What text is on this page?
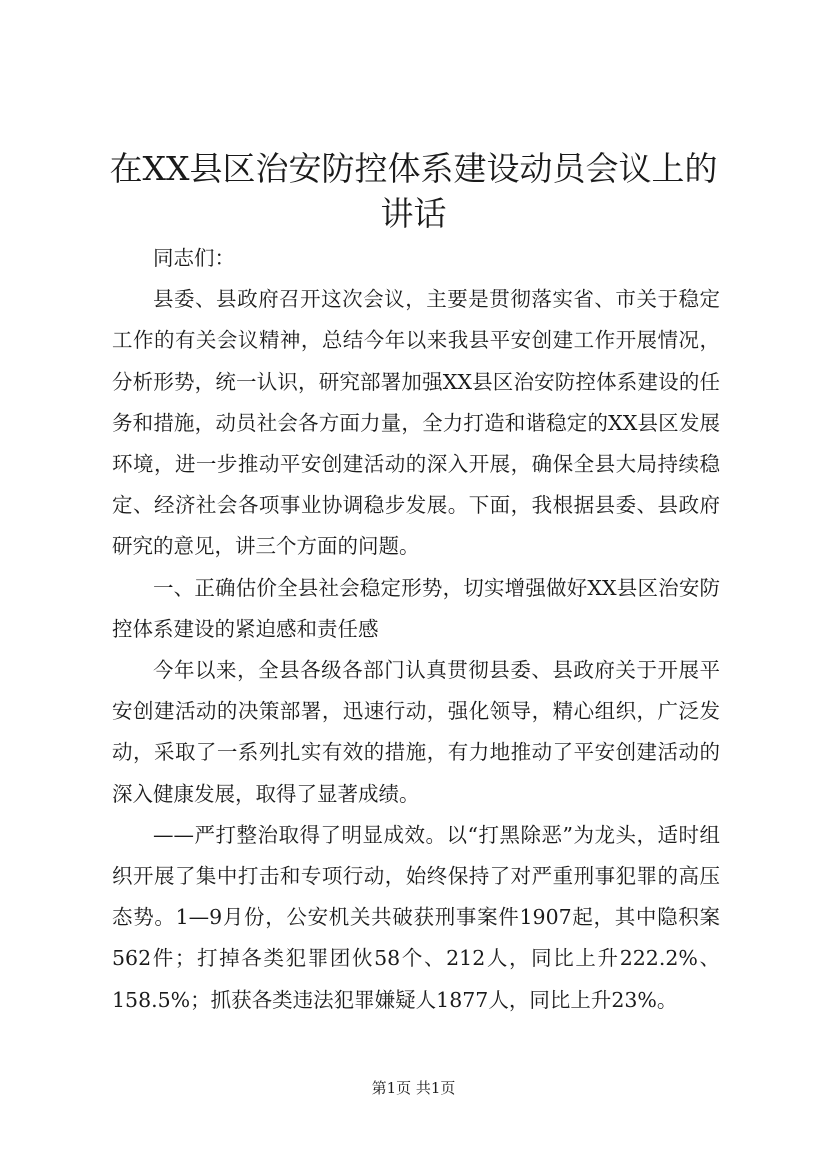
在XX县区治安防控体系建设动员会议上的讲话

同志们：

县委、县政府召开这次会议，主要是贯彻落实省、市关于稳定工作的有关会议精神，总结今年以来我县平安创建工作开展情况，分析形势，统一认识，研究部署加强XX县区治安防控体系建设的任务和措施，动员社会各方面力量，全力打造和谐稳定的XX县区发展环境，进一步推动平安创建活动的深入开展，确保全县大局持续稳定、经济社会各项事业协调稳步发展。下面，我根据县委、县政府研究的意见，讲三个方面的问题。

一、正确估价全县社会稳定形势，切实增强做好XX县区治安防控体系建设的紧迫感和责任感

今年以来，全县各级各部门认真贯彻县委、县政府关于开展平安创建活动的决策部署，迅速行动，强化领导，精心组织，广泛发动，采取了一系列扎实有效的措施，有力地推动了平安创建活动的深入健康发展，取得了显著成绩。

——严打整治取得了明显成效。以“打黑除恶”为龙头，适时组织开展了集中打击和专项行动，始终保持了对严重刑事犯罪的高压态势。1—9月份，公安机关共破获刑事案件1907起，其中隐积案562件；打掉各类犯罪团伙58个、212人，同比上升222.2%、158.5%；抓获各类违法犯罪嫌疑人1877人，同比上升23%。

第1页 共1页
